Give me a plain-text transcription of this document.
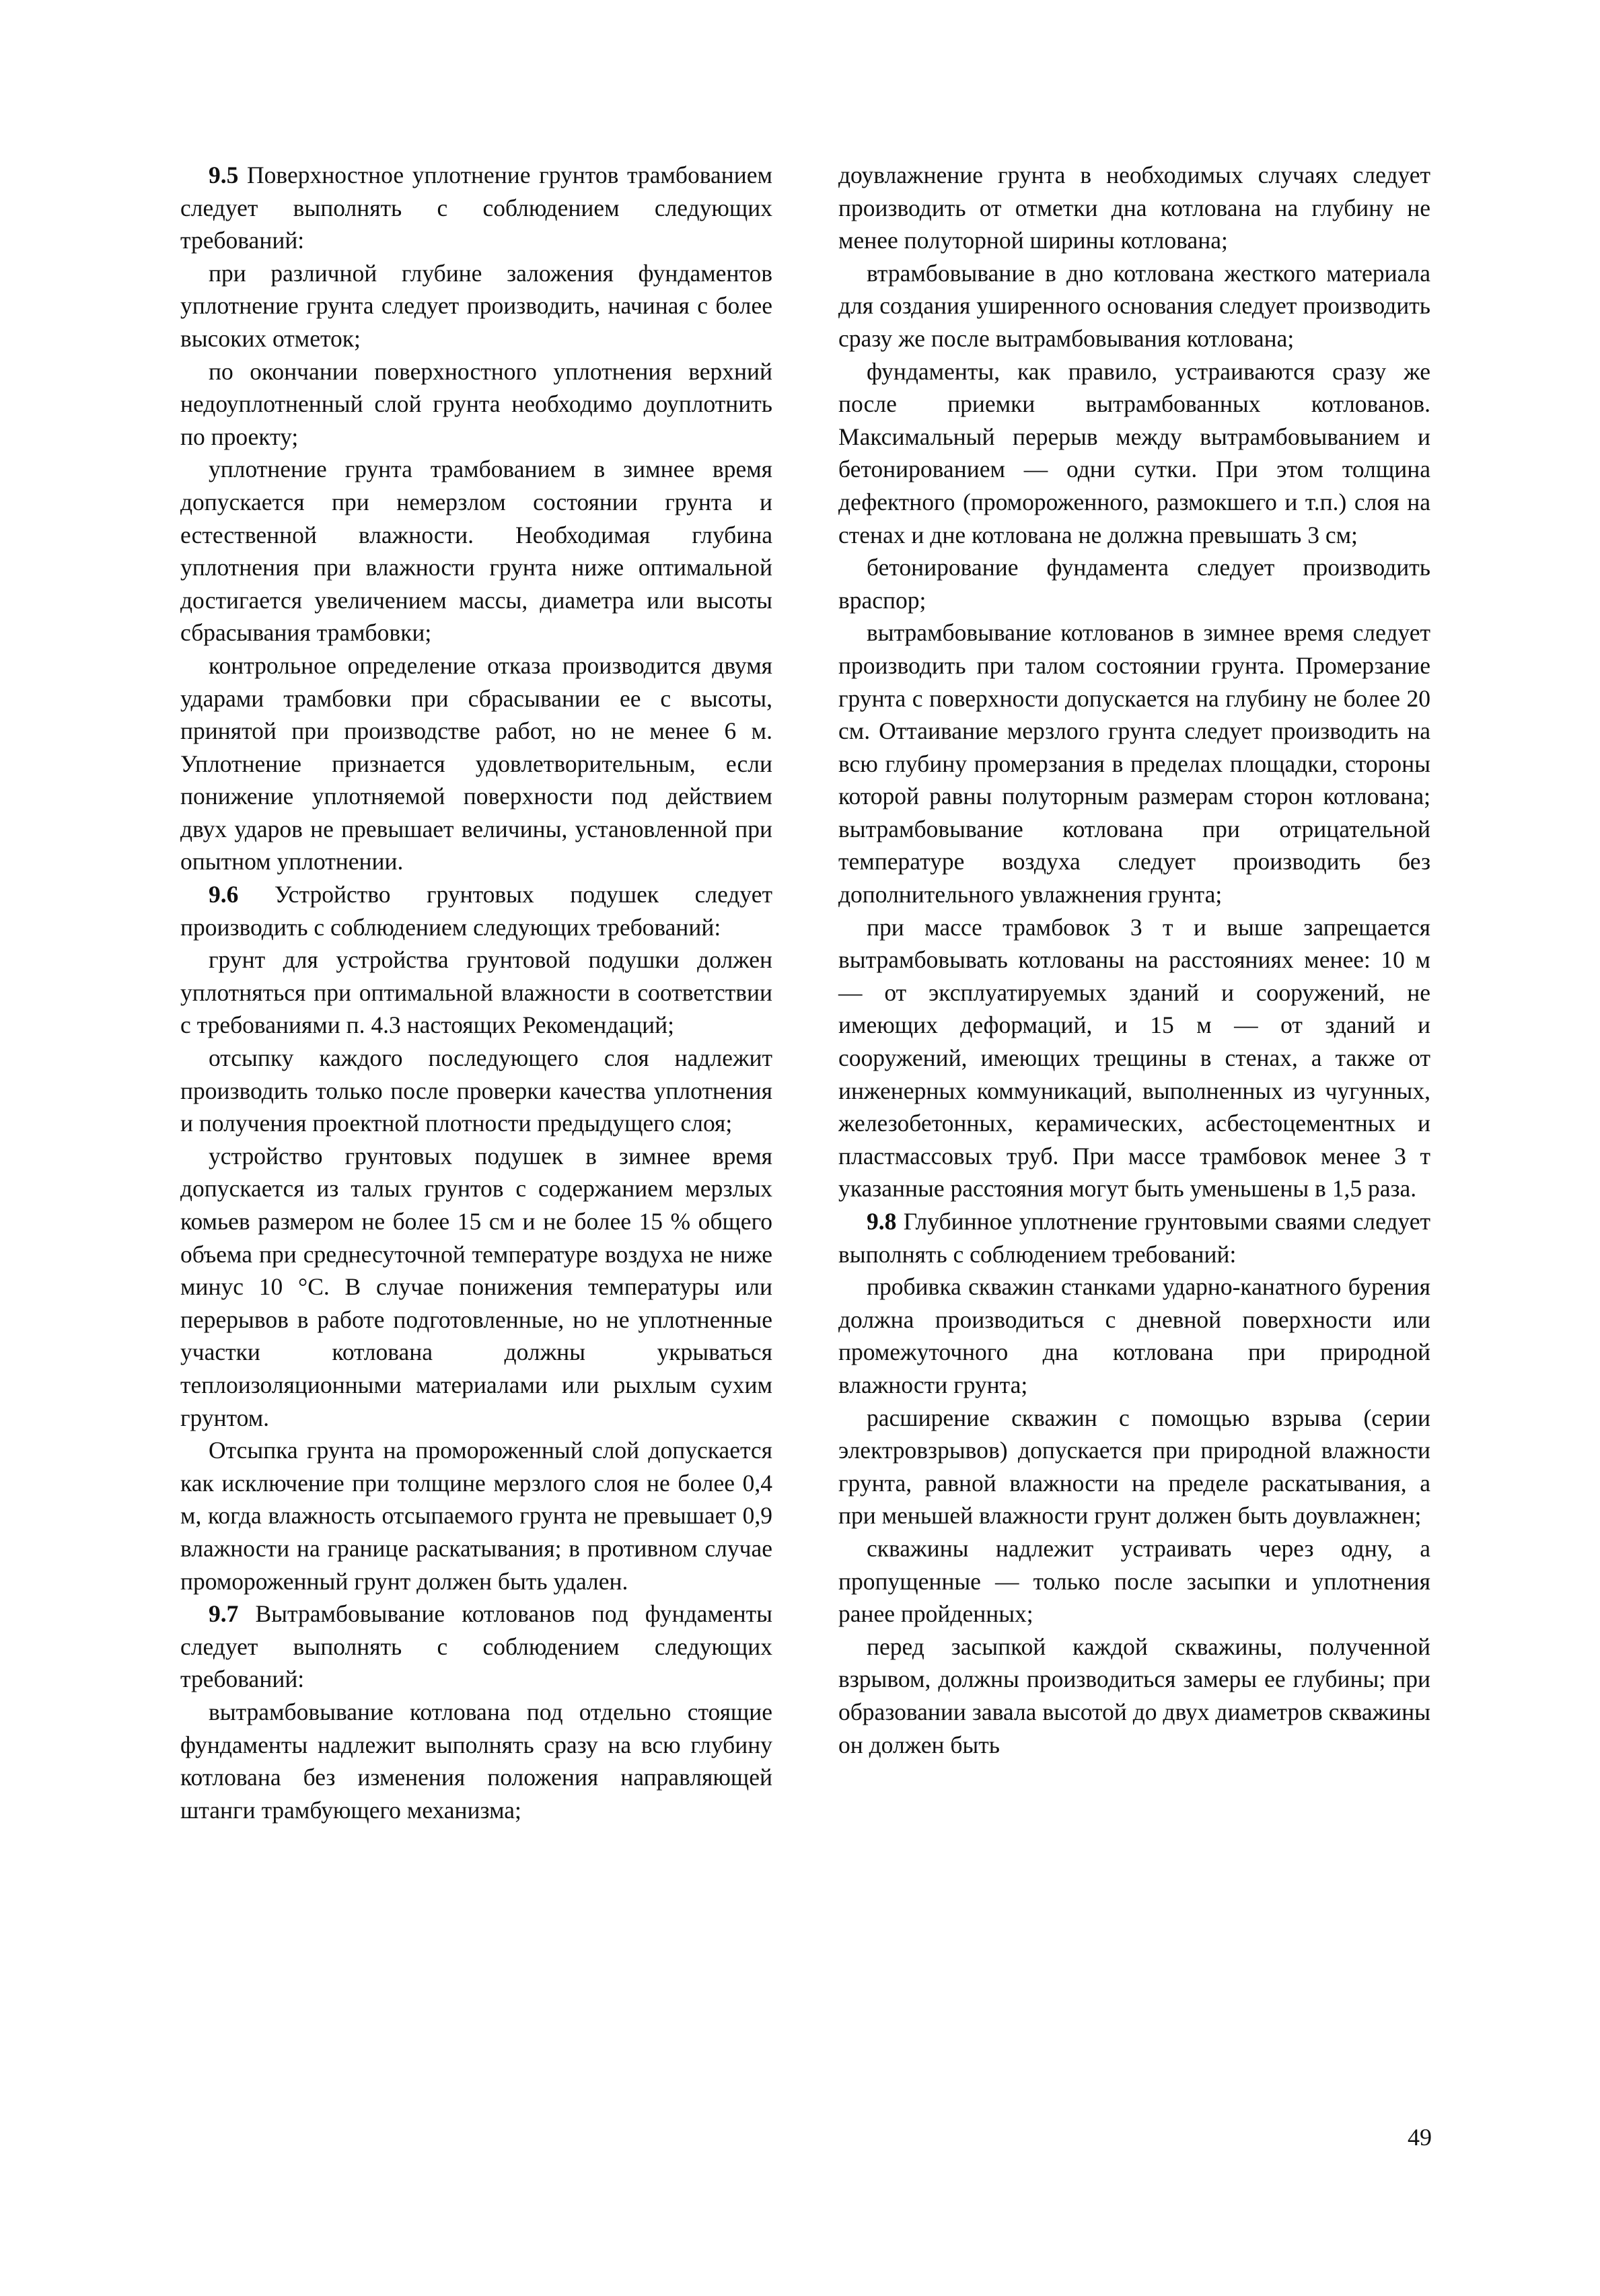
9.5 Поверхностное уплотнение грунтов трамбованием следует выполнять с соблюдением следующих требований:

при различной глубине заложения фундаментов уплотнение грунта следует производить, начиная с более высоких отметок;

по окончании поверхностного уплотнения верхний недоуплотненный слой грунта необходимо доуплотнить по проекту;

уплотнение грунта трамбованием в зимнее время допускается при немерзлом состоянии грунта и естественной влажности. Необходимая глубина уплотнения при влажности грунта ниже оптимальной достигается увеличением массы, диаметра или высоты сбрасывания трамбовки;

контрольное определение отказа производится двумя ударами трамбовки при сбрасывании ее с высоты, принятой при производстве работ, но не менее 6 м. Уплотнение признается удовлетворительным, если понижение уплотняемой поверхности под действием двух ударов не превышает величины, установленной при опытном уплотнении.

9.6 Устройство грунтовых подушек следует производить с соблюдением следующих требований:

грунт для устройства грунтовой подушки должен уплотняться при оптимальной влажности в соответствии с требованиями п. 4.3 настоящих Рекомендаций;

отсыпку каждого последующего слоя надлежит производить только после проверки качества уплотнения и получения проектной плотности предыдущего слоя;

устройство грунтовых подушек в зимнее время допускается из талых грунтов с содержанием мерзлых комьев размером не более 15 см и не более 15 % общего объема при среднесуточной температуре воздуха не ниже минус 10 °С. В случае понижения температуры или перерывов в работе подготовленные, но не уплотненные участки котлована должны укрываться теплоизоляционными материалами или рыхлым сухим грунтом.

Отсыпка грунта на промороженный слой допускается как исключение при толщине мерзлого слоя не более 0,4 м, когда влажность отсыпаемого грунта не превышает 0,9 влажности на границе раскатывания; в противном случае промороженный грунт должен быть удален.

9.7 Вытрамбовывание котлованов под фундаменты следует выполнять с соблюдением следующих требований:

вытрамбовывание котлована под отдельно стоящие фундаменты надлежит выполнять сразу на всю глубину котлована без изменения положения направляющей штанги трамбующего механизма;

доувлажнение грунта в необходимых случаях следует производить от отметки дна котлована на глубину не менее полуторной ширины котлована;

втрамбовывание в дно котлована жесткого материала для создания уширенного основания следует производить сразу же после вытрамбовывания котлована;

фундаменты, как правило, устраиваются сразу же после приемки вытрамбованных котлованов. Максимальный перерыв между вытрамбовыванием и бетонированием — одни сутки. При этом толщина дефектного (промороженного, размокшего и т.п.) слоя на стенах и дне котлована не должна превышать 3 см;

бетонирование фундамента следует производить враспор;

вытрамбовывание котлованов в зимнее время следует производить при талом состоянии грунта. Промерзание грунта с поверхности допускается на глубину не более 20 см. Оттаивание мерзлого грунта следует производить на всю глубину промерзания в пределах площадки, стороны которой равны полуторным размерам сторон котлована; вытрамбовывание котлована при отрицательной температуре воздуха следует производить без дополнительного увлажнения грунта;

при массе трамбовок 3 т и выше запрещается вытрамбовывать котлованы на расстояниях менее: 10 м — от эксплуатируемых зданий и сооружений, не имеющих деформаций, и 15 м — от зданий и сооружений, имеющих трещины в стенах, а также от инженерных коммуникаций, выполненных из чугунных, железобетонных, керамических, асбестоцементных и пластмассовых труб. При массе трамбовок менее 3 т указанные расстояния могут быть уменьшены в 1,5 раза.

9.8 Глубинное уплотнение грунтовыми сваями следует выполнять с соблюдением требований:

пробивка скважин станками ударно-канатного бурения должна производиться с дневной поверхности или промежуточного дна котлована при природной влажности грунта;

расширение скважин с помощью взрыва (серии электровзрывов) допускается при природной влажности грунта, равной влажности на пределе раскатывания, а при меньшей влажности грунт должен быть доувлажнен;

скважины надлежит устраивать через одну, а пропущенные — только после засыпки и уплотнения ранее пройденных;

перед засыпкой каждой скважины, полученной взрывом, должны производиться замеры ее глубины; при образовании завала высотой до двух диаметров скважины он должен быть

49
